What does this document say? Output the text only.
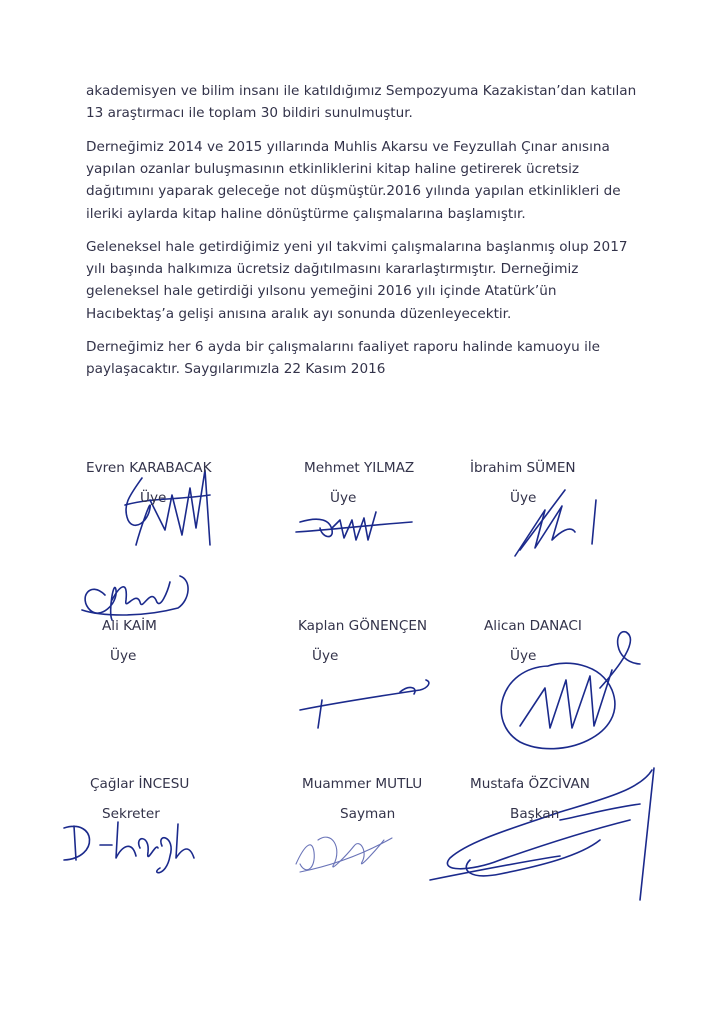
akademisyen ve bilim insanı ile katıldığımız Sempozyuma Kazakistan’dan katılan 13 araştırmacı ile toplam 30 bildiri sunulmuştur.

Derneğimiz 2014 ve 2015 yıllarında Muhlis Akarsu ve Feyzullah Çınar anısına yapılan ozanlar buluşmasının etkinliklerini kitap haline getirerek ücretsiz dağıtımını yaparak geleceğe not düşmüştür.2016 yılında yapılan etkinlikleri de ileriki aylarda kitap haline dönüştürme çalışmalarına başlamıştır.

Geleneksel hale getirdiğimiz yeni yıl takvimi çalışmalarına başlanmış olup 2017 yılı başında halkımıza ücretsiz dağıtılmasını kararlaştırmıştır. Derneğimiz geleneksel hale getirdiği yılsonu yemeğini 2016 yılı içinde Atatürk’ün Hacıbektaş’a gelişi anısına aralık ayı sonunda düzenleyecektir.

Derneğimiz her 6 ayda bir çalışmalarını faaliyet raporu halinde kamuoyu ile paylaşacaktır. Saygılarımızla 22 Kasım 2016

Evren KARABACAK
Üye
Mehmet YILMAZ
Üye
İbrahim SÜMEN
Üye
Ali KAİM
Üye
Kaplan GÖNENÇEN
Üye
Alican DANACI
Üye
Çağlar İNCESU
Sekreter
Muammer MUTLU
Sayman
Mustafa ÖZCİVAN
Başkan
